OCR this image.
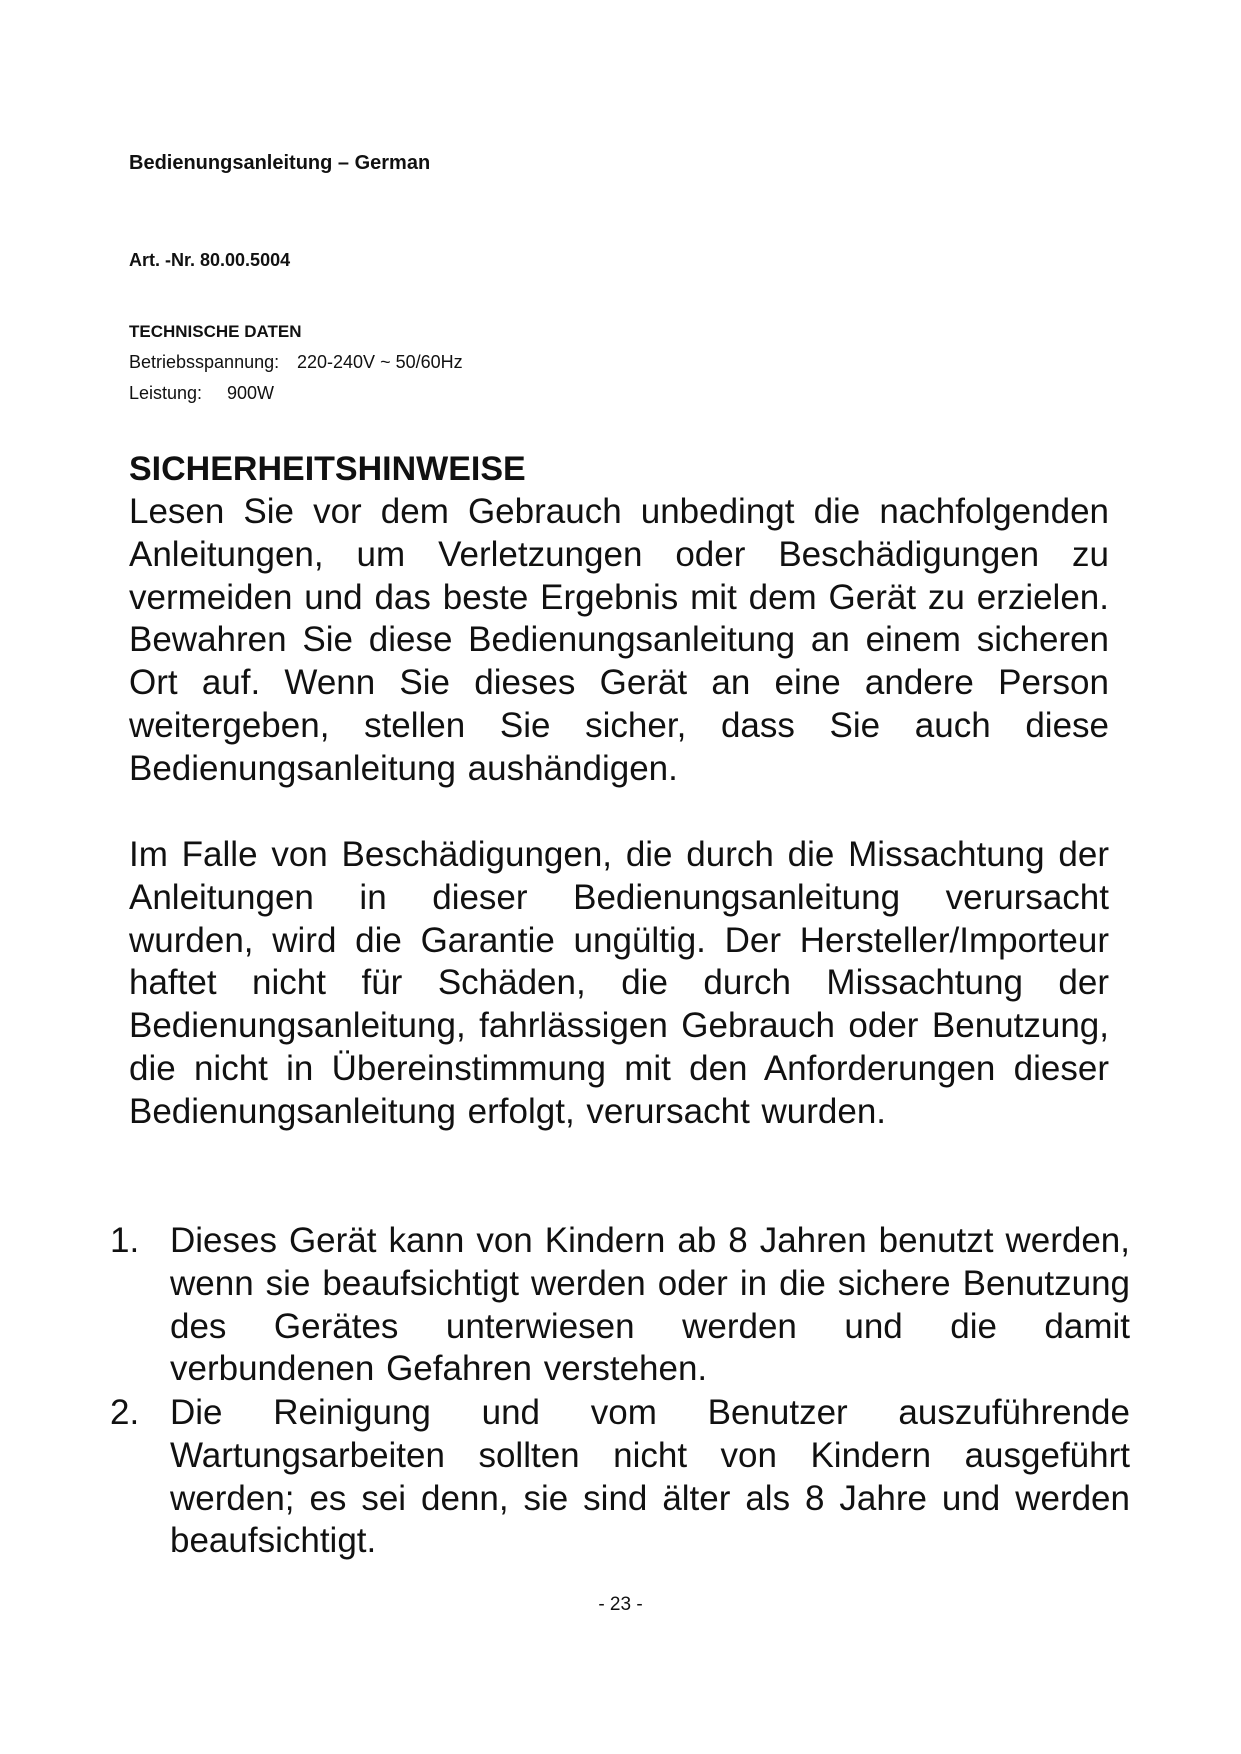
Bedienungsanleitung – German
Art. -Nr. 80.00.5004
TECHNISCHE DATEN
Betriebsspannung: 220-240V ~ 50/60Hz
Leistung: 900W
SICHERHEITSHINWEISE

Lesen Sie vor dem Gebrauch unbedingt die nachfolgenden Anleitungen, um Verletzungen oder Beschädigungen zu vermeiden und das beste Ergebnis mit dem Gerät zu erzielen. Bewahren Sie diese Bedienungsanleitung an einem sicheren Ort auf. Wenn Sie dieses Gerät an eine andere Person weitergeben, stellen Sie sicher, dass Sie auch diese Bedienungsanleitung aushändigen.

Im Falle von Beschädigungen, die durch die Missachtung der Anleitungen in dieser Bedienungsanleitung verursacht wurden, wird die Garantie ungültig. Der Hersteller/Importeur haftet nicht für Schäden, die durch Missachtung der Bedienungsanleitung, fahrlässigen Gebrauch oder Benutzung, die nicht in Übereinstimmung mit den Anforderungen dieser Bedienungsanleitung erfolgt, verursacht wurden.

1. Dieses Gerät kann von Kindern ab 8 Jahren benutzt werden, wenn sie beaufsichtigt werden oder in die sichere Benutzung des Gerätes unterwiesen werden und die damit verbundenen Gefahren verstehen.
2. Die Reinigung und vom Benutzer auszuführende Wartungsarbeiten sollten nicht von Kindern ausgeführt werden; es sei denn, sie sind älter als 8 Jahre und werden beaufsichtigt.
- 23 -
